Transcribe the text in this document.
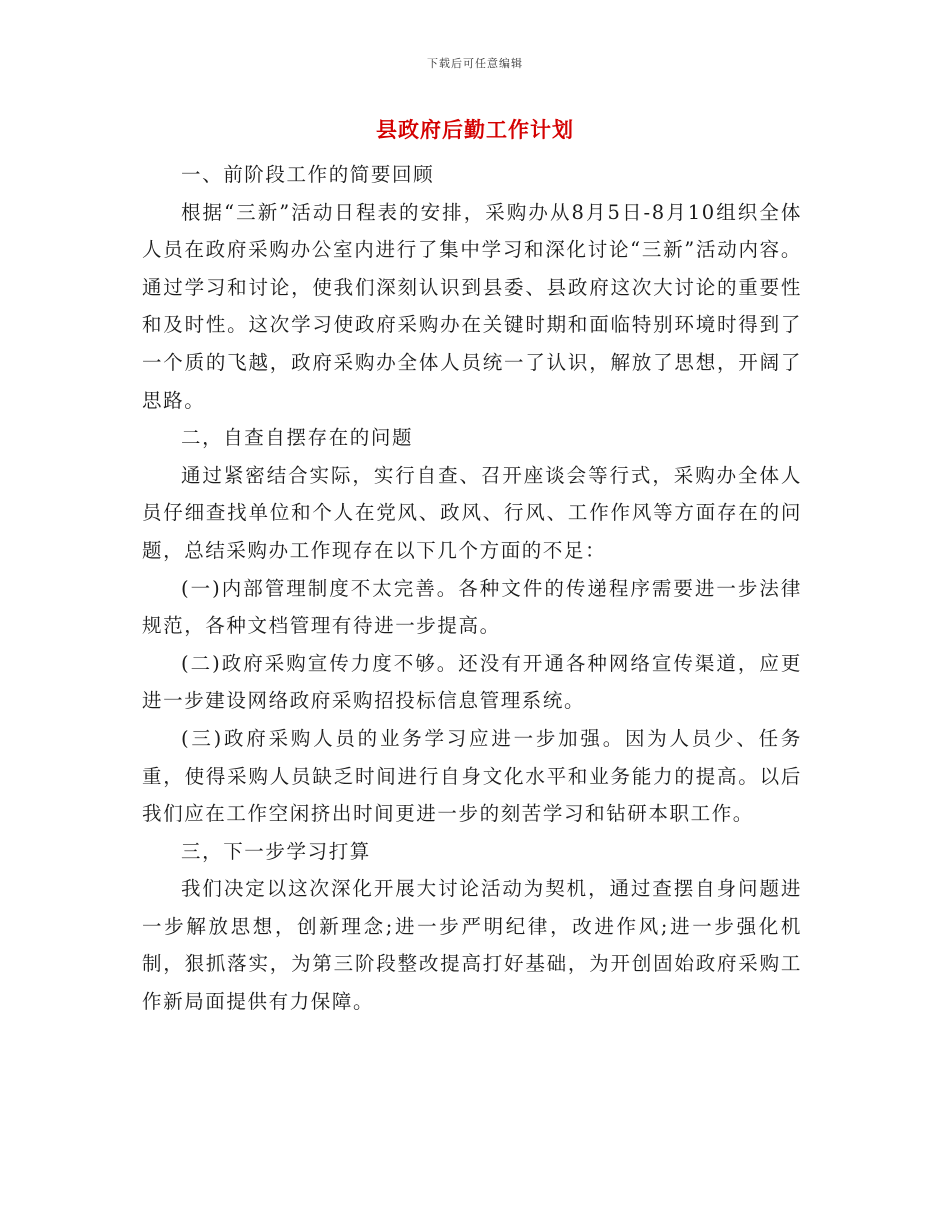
下载后可任意编辑
县政府后勤工作计划

一、前阶段工作的简要回顾

根据“三新”活动日程表的安排，采购办从8月5日-8月10组织全体人员在政府采购办公室内进行了集中学习和深化讨论“三新”活动内容。通过学习和讨论，使我们深刻认识到县委、县政府这次大讨论的重要性和及时性。这次学习使政府采购办在关键时期和面临特别环境时得到了一个质的飞越，政府采购办全体人员统一了认识，解放了思想，开阔了思路。

二，自查自摆存在的问题

通过紧密结合实际，实行自查、召开座谈会等行式，采购办全体人员仔细查找单位和个人在党风、政风、行风、工作作风等方面存在的问题，总结采购办工作现存在以下几个方面的不足：

(一)内部管理制度不太完善。各种文件的传递程序需要进一步法律规范，各种文档管理有待进一步提高。

(二)政府采购宣传力度不够。还没有开通各种网络宣传渠道，应更进一步建设网络政府采购招投标信息管理系统。

(三)政府采购人员的业务学习应进一步加强。因为人员少、任务重，使得采购人员缺乏时间进行自身文化水平和业务能力的提高。以后我们应在工作空闲挤出时间更进一步的刻苦学习和钻研本职工作。

三，下一步学习打算

我们决定以这次深化开展大讨论活动为契机，通过查摆自身问题进一步解放思想，创新理念;进一步严明纪律，改进作风;进一步强化机制，狠抓落实，为第三阶段整改提高打好基础，为开创固始政府采购工作新局面提供有力保障。
